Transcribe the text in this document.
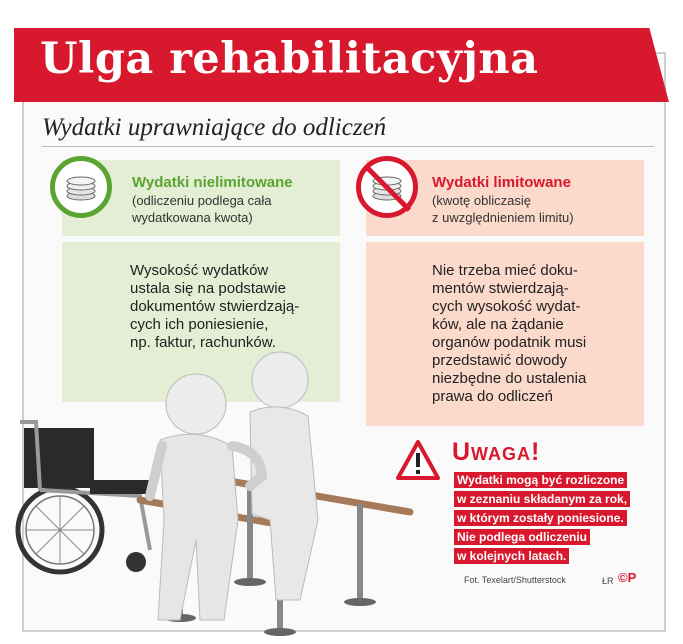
Ulga rehabilitacyjna
Wydatki uprawniające do odliczeń
Wydatki nielimitowane
(odliczeniu podlega cała
wydatkowana kwota)
Wysokość wydatków
ustala się na podstawie
dokumentów stwierdzają-
cych ich poniesienie,
np. faktur, rachunków.
Wydatki limitowane
(kwotę obliczasię
z uwzględnieniem limitu)
Nie trzeba mieć doku-
mentów stwierdzają-
cych wysokość wydat-
ków, ale na żądanie
organów podatnik musi
przedstawić dowody
niezbędne do ustalenia
prawa do odliczeń
Uwaga!
Wydatki mogą być rozliczone
w zeznaniu składanym za rok,
w którym zostały poniesione.
Nie podlega odliczeniu
w kolejnych latach.
Fot. Texelart/Shutterstock	ŁR ©P
